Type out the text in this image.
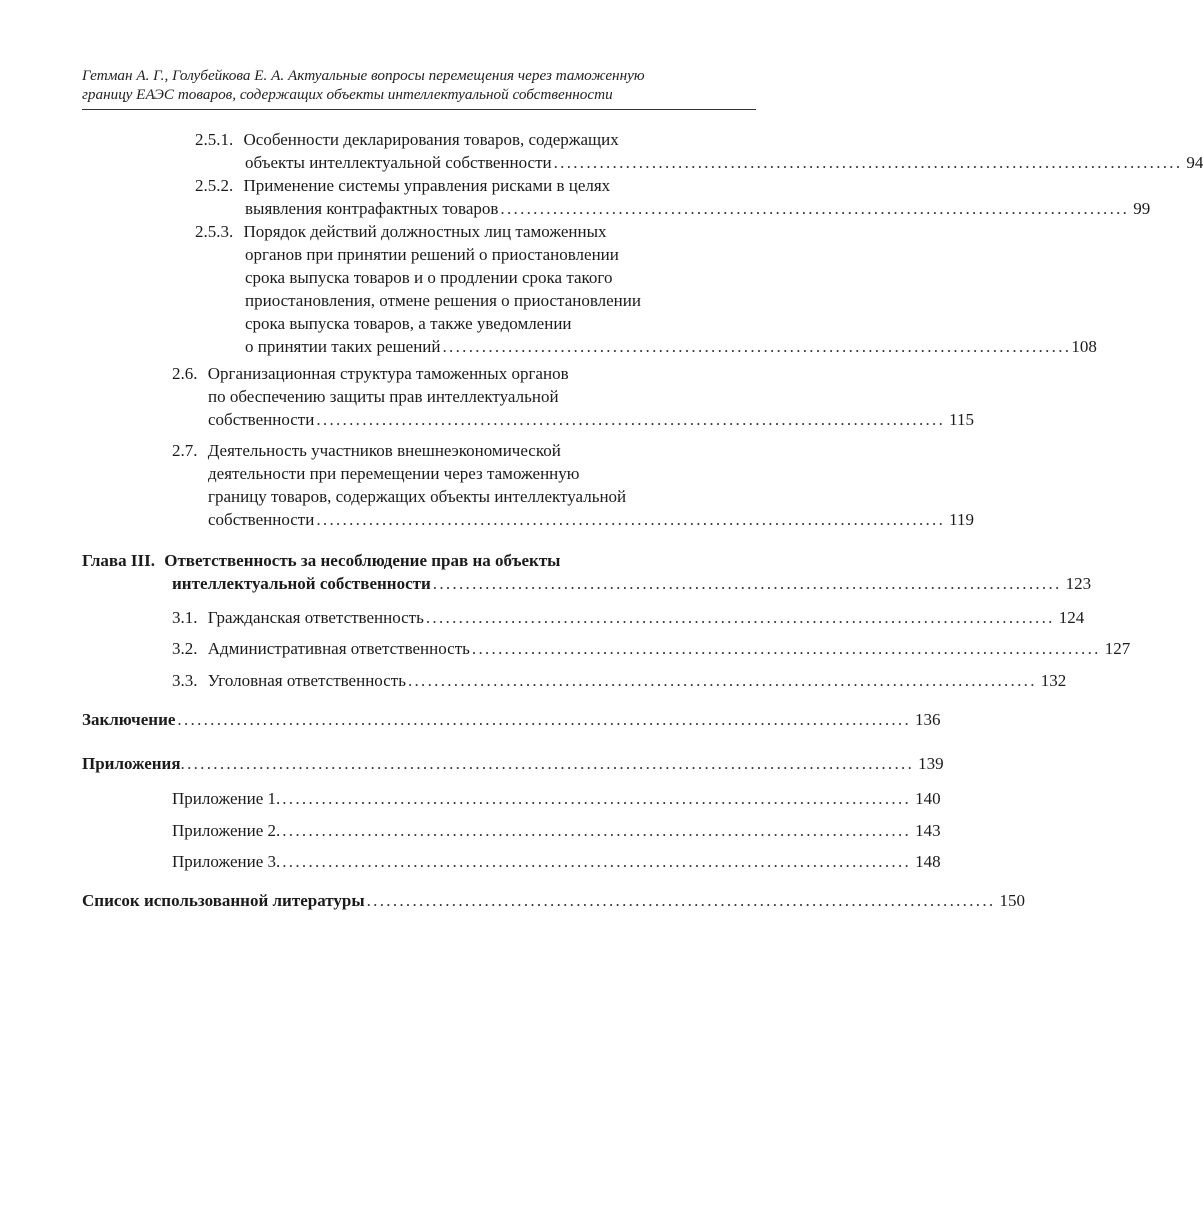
Гетман А. Г., Голубейкова Е. А. Актуальные вопросы перемещения через таможенную
границу ЕАЭС товаров, содержащих объекты интеллектуальной собственности
2.5.1. Особенности декларирования товаров, содержащих
объекты интеллектуальной собственности ................................................................................................ 94
2.5.2. Применение системы управления рисками в целях
выявления контрафактных товаров ................................................................................................ 99
2.5.3. Порядок действий должностных лиц таможенных
органов при принятии решений о приостановлении
срока выпуска товаров и о продлении срока такого
приостановления, отмене решения о приостановлении
срока выпуска товаров, а также уведомлении
о принятии таких решений ................................................................................................ 108
2.6. Организационная структура таможенных органов
по обеспечению защиты прав интеллектуальной
собственности ................................................................................................ 115
2.7. Деятельность участников внешнеэкономической
деятельности при перемещении через таможенную
границу товаров, содержащих объекты интеллектуальной
собственности ................................................................................................ 119
Глава III. Ответственность за несоблюдение прав на объекты
интеллектуальной собственности ................................................................................................ 123
3.1. Гражданская ответственность ................................................................................................ 124
3.2. Административная ответственность ................................................................................................ 127
3.3. Уголовная ответственность ................................................................................................ 132
Заключение ................................................................................................................ 136
Приложения ................................................................................................................ 139
Приложение 1. ................................................................................................ 140
Приложение 2. ................................................................................................ 143
Приложение 3. ................................................................................................ 148
Список использованной литературы ................................................................................................ 150
